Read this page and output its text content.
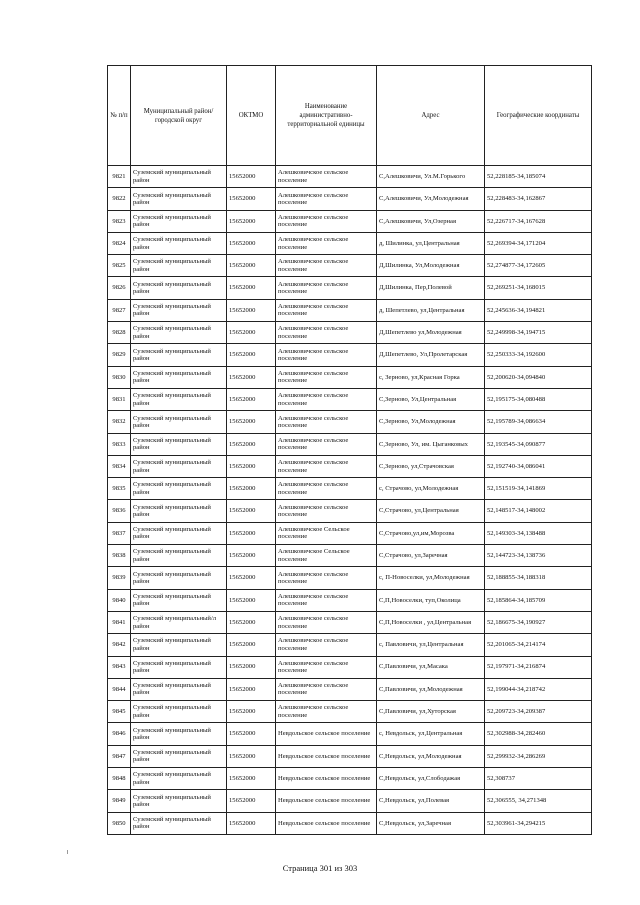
№ п/п	Муниципальный район/городской округ	ОКТМО	Наименование административно-территориальной единицы	Адрес	Географические координаты
9821	Суземский муниципальный район	15652000	Алешковичское сельское поселение	С,Алешковичи, Ул.М.Горького	52,228185-34,185074
9822	Суземский муниципальный район	15652000	Алешковичское сельское поселение	С,Алешковичи, Ул,Молодежная	52,228483-34,162867
9823	Суземский муниципальный район	15652000	Алешковичское сельское поселение	С,Алешковичи, Ул,Озерная	52,226717-34,167628
9824	Суземский муниципальный район	15652000	Алешковичское сельское поселение	д, Шилинка, ул,Центральная	52,269394-34,171204
9825	Суземский муниципальный район	15652000	Алешковичское сельское поселение	Д,Шилинка, Ул,Молодежная	52,274877-34,172605
9826	Суземский муниципальный район	15652000	Алешковичское сельское поселение	Д,Шилинка, Пер,Полевой	52,269251-34,168015
9827	Суземский муниципальный район	15652000	Алешковичское сельское поселение	д, Шепетлево, ул,Центральная	52,245636-34,194821
9828	Суземский муниципальный район	15652000	Алешковичское сельское поселение	Д,Шепетлево ул,Молодежная	52,249998-34,194715
9829	Суземский муниципальный район	15652000	Алешковичское сельское поселение	Д,Шепетлево, Ул,Пролетарская	52,250333-34,192600
9830	Суземский муниципальный район	15652000	Алешковичское сельское поселение	с, Зерново, ул,Красная Горка	52,200620-34,094840
9831	Суземский муниципальный район	15652000	Алешковичское сельское поселение	С,Зерново, Ул,Центральная	52,195175-34,080488
9832	Суземский муниципальный район	15652000	Алешковичское сельское поселение	С,Зерново, Ул,Молодежная	52,195789-34,086634
9833	Суземский муниципальный район	15652000	Алешковичское сельское поселение	С,Зерново, Ул, им. Цыганковых	52,193545-34,090877
9834	Суземский муниципальный район	15652000	Алешковичское сельское поселение	С,Зерново, ул,Страчовская	52,192740-34,086041
9835	Суземский муниципальный район	15652000	Алешковичское сельское поселение	с, Страчово, ул,Молодежная	52,151519-34,141869
9836	Суземский муниципальный район	15652000	Алешковичское сельское поселение	С,Страчово, ул,Центральная	52,148517-34,148002
9837	Суземский муниципальный район	15652000	Алешковичское Сельское поселение	С,Страчово,ул,им,Морозва	52,149303-34,138488
9838	Суземский муниципальный район	15652000	Алешковичское Сельское поселение	С,Страчово, ул,Заречная	52,144723-34,138736
9839	Суземский муниципальный район	15652000	Алешковичское сельское поселение	с, П-Новоселки, ул,Молодежная	52,188855-34,188318
9840	Суземский муниципальный район	15652000	Алешковичское сельское поселение	С,П,Новоселки, туп,Околица	52,185864-34,185709
9841	Суземский муниципальный/л район	15652000	Алешковичское сельское поселение	С,П,Новоселки , ул,Центральная	52,186675-34,190927
9842	Суземский муниципальный район	15652000	Алешковичское сельское поселение	с, Павловичи, ул,Центральная	52,201065-34,214174
9843	Суземский муниципальный район	15652000	Алешковичское сельское поселение	С,Павловичи, ул,Масака	52,197971-34,216874
9844	Суземский муниципальный район	15652000	Алешковичское сельское поселение	С,Павловичи, ул,Молодежная	52,199044-34,218742
9845	Суземский муниципальный район	15652000	Алешковичское сельское поселение	С,Павловичи, ул,Хуторская	52,209723-34,209387
9846	Суземский муниципальный район	15652000	Невдольское сельское поселение	с, Невдольск, ул,Центральная	52,302988-34,282460
9847	Суземский муниципальный район	15652000	Невдольское сельское поселение	С,Невдольск, ул,Молодежная	52,299932-34,286269
9848	Суземский муниципальный район	15652000	Невдольское сельское поселение	С,Невдольск, ул,Слободажая	52,308737
9849	Суземский муниципальный район	15652000	Невдольское сельское поселение	С,Невдольск, ул,Полевая	52,306555, 34,271348
9850	Суземский муниципальный район	15652000	Невдольское сельское поселение	С,Невдольск, ул,Заречная	52,303961-34,294215
Страница 301 из 303
